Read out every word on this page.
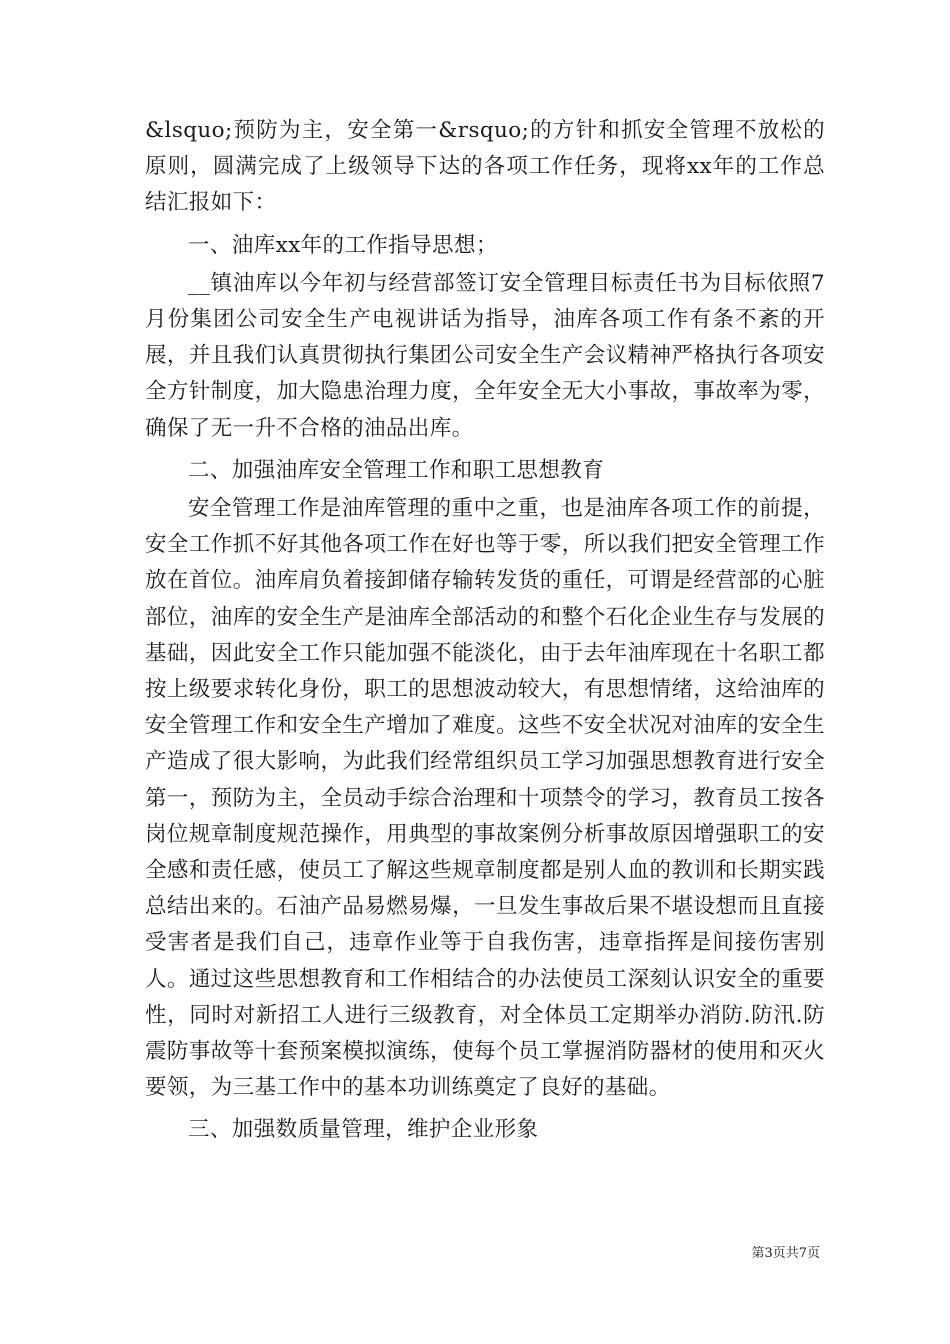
&lsquo;预防为主，安全第一&rsquo;的方针和抓安全管理不放松的原则，圆满完成了上级领导下达的各项工作任务，现将xx年的工作总结汇报如下：

一、油库xx年的工作指导思想；

__镇油库以今年初与经营部签订安全管理目标责任书为目标依照7月份集团公司安全生产电视讲话为指导，油库各项工作有条不紊的开展，并且我们认真贯彻执行集团公司安全生产会议精神严格执行各项安全方针制度，加大隐患治理力度，全年安全无大小事故，事故率为零，确保了无一升不合格的油品出库。

二、加强油库安全管理工作和职工思想教育

安全管理工作是油库管理的重中之重，也是油库各项工作的前提，安全工作抓不好其他各项工作在好也等于零，所以我们把安全管理工作放在首位。油库肩负着接卸储存输转发货的重任，可谓是经营部的心脏部位，油库的安全生产是油库全部活动的和整个石化企业生存与发展的基础，因此安全工作只能加强不能淡化，由于去年油库现在十名职工都按上级要求转化身份，职工的思想波动较大，有思想情绪，这给油库的安全管理工作和安全生产增加了难度。这些不安全状况对油库的安全生产造成了很大影响，为此我们经常组织员工学习加强思想教育进行安全第一，预防为主，全员动手综合治理和十项禁令的学习，教育员工按各岗位规章制度规范操作，用典型的事故案例分析事故原因增强职工的安全感和责任感，使员工了解这些规章制度都是别人血的教训和长期实践总结出来的。石油产品易燃易爆，一旦发生事故后果不堪设想而且直接受害者是我们自己，违章作业等于自我伤害，违章指挥是间接伤害别人。通过这些思想教育和工作相结合的办法使员工深刻认识安全的重要性，同时对新招工人进行三级教育，对全体员工定期举办消防.防汛.防震防事故等十套预案模拟演练，使每个员工掌握消防器材的使用和灭火要领，为三基工作中的基本功训练奠定了良好的基础。

三、加强数质量管理，维护企业形象

第3页共7页
